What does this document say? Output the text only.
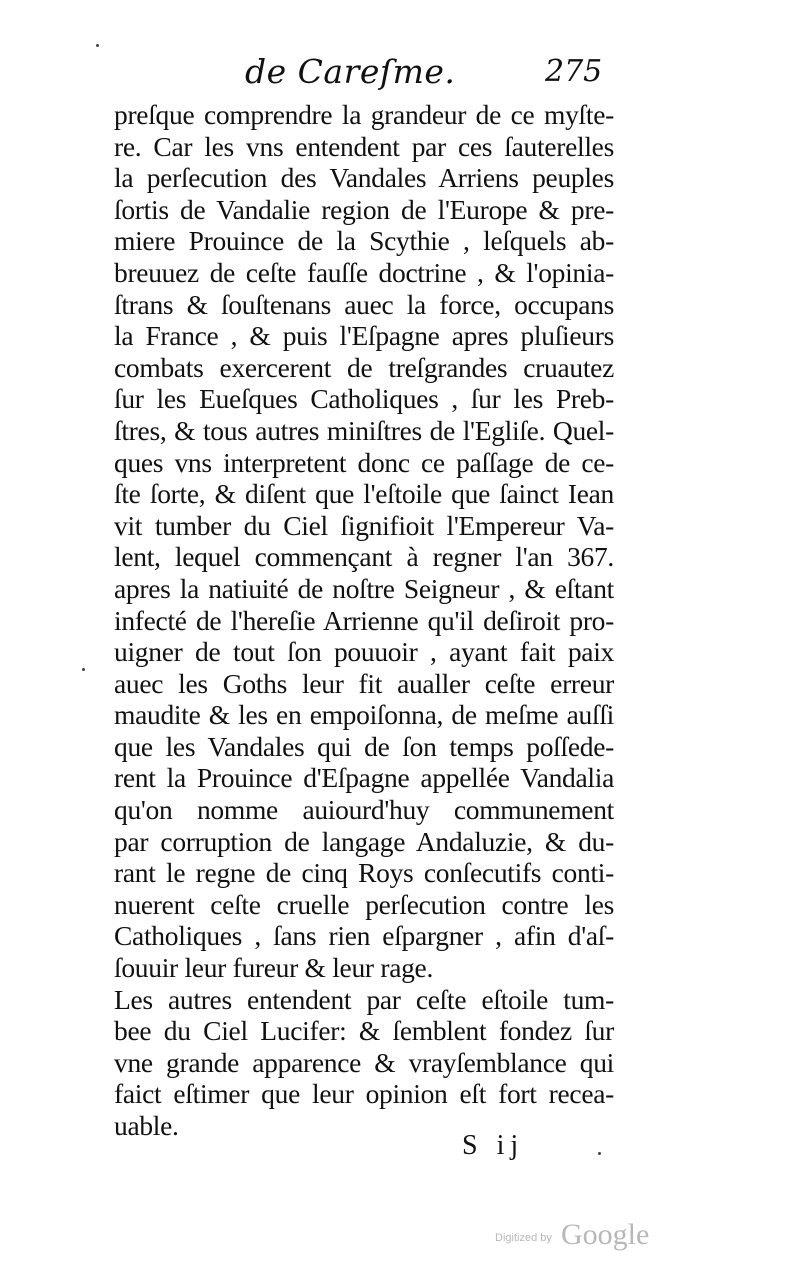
de Careſme.	275
preſque comprendre la grandeur de ce myſte-
re. Car les vns entendent par ces ſauterelles
la perſecution des Vandales Arriens peuples
ſortis de Vandalie region de l'Europe & pre-
miere Prouince de la Scythie , leſquels ab-
breuuez de ceſte fauſſe doctrine , & l'opinia-
ſtrans & ſouſtenans auec la force, occupans
la France , & puis l'Eſpagne apres pluſieurs
combats exercerent de treſgrandes cruautez
ſur les Eueſques Catholiques , ſur les Preb-
ſtres, & tous autres miniſtres de l'Egliſe. Quel-
ques vns interpretent donc ce paſſage de ce-
ſte ſorte, & diſent que l'eſtoile que ſainct Iean
vit tumber du Ciel ſignifioit l'Empereur Va-
lent, lequel commençant à regner l'an 367.
apres la natiuité de noſtre Seigneur , & eſtant
infecté de l'hereſie Arrienne qu'il deſiroit pro-
uigner de tout ſon pouuoir , ayant fait paix
auec les Goths leur fit aualler ceſte erreur
maudite & les en empoiſonna, de meſme auſſi
que les Vandales qui de ſon temps poſſede-
rent la Prouince d'Eſpagne appellée Vandalia
qu'on nomme auiourd'huy communement
par corruption de langage Andaluzie, & du-
rant le regne de cinq Roys conſecutifs conti-
nuerent ceſte cruelle perſecution contre les
Catholiques , ſans rien eſpargner , afin d'aſ-
ſouuir leur fureur & leur rage.
Les autres entendent par ceſte eſtoile tum-
bee du Ciel Lucifer: & ſemblent fondez ſur
vne grande apparence & vrayſemblance qui
faict eſtimer que leur opinion eſt fort recea-
uable.
S ij
Digitized by Google
